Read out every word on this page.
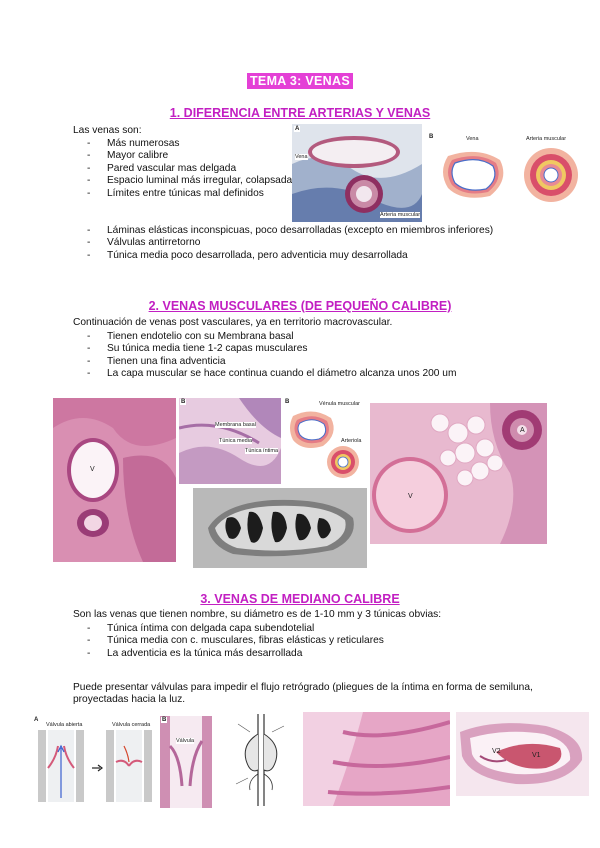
TEMA 3: VENAS
1. DIFERENCIA ENTRE ARTERIAS Y VENAS
Las venas son:
- Más numerosas
- Mayor calibre
- Pared vascular mas delgada
- Espacio luminal más irregular, colapsada
- Límites entre túnicas mal definidos
- Láminas elásticas inconspicuas, poco desarrolladas (excepto en miembros inferiores)
- Válvulas antirretorno
- Túnica media poco desarrollada, pero adventicia muy desarrollada
A
Vena
Arteria muscular
B	Vena	Arteria muscular
2. VENAS MUSCULARES (DE PEQUEÑO CALIBRE)
Continuación de venas post vasculares, ya en territorio macrovascular.
- Tienen endotelio con su Membrana basal
- Su túnica media tiene 1-2 capas musculares
- Tienen una fina adventicia
- La capa muscular se hace continua cuando el diámetro alcanza unos 200 um
V
B
Membrana basal
Túnica media
Túnica íntima
B	Vénula muscular
Arteriola
V
A
3. VENAS DE MEDIANO CALIBRE
Son las venas que tienen nombre, su diámetro es de 1-10 mm y 3 túnicas obvias:
- Túnica íntima con delgada capa subendotelial
- Túnica media con c. musculares, fibras elásticas y reticulares
- La adventicia es la túnica más desarrollada
Puede presentar válvulas para impedir el flujo retrógrado (pliegues de la íntima en forma de semiluna, proyectadas hacia la luz.
A
Válvula abierta	Válvula cerrada
B
Válvula
V2
V1
